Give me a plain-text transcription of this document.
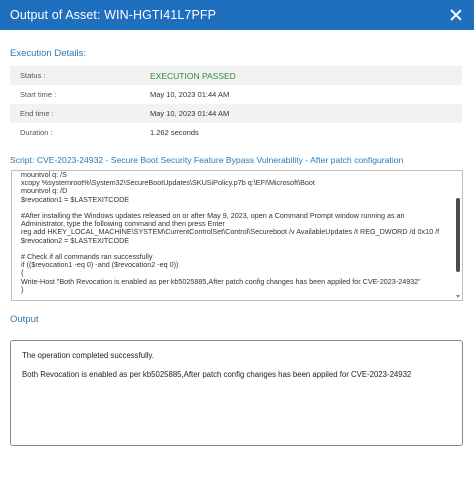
Output of Asset: WIN-HGTI41L7PFP
Execution Details:
Status :	EXECUTION PASSED
Start time :	May 10, 2023 01:44 AM
End time :	May 10, 2023 01:44 AM
Duration :	1.262 seconds
Script: CVE-2023-24932 - Secure Boot Security Feature Bypass Vulnerability - After patch configuration
mountvol q: /S
xcopy %systemroot%\System32\SecureBootUpdates\SKUSiPolicy.p7b q:\EFI\Microsoft\Boot
mountvol q: /D
$revocation1 = $LASTEXITCODE

#After installing the Windows updates released on or after May 9, 2023, open a Command Prompt window running as an Administrator, type the following command and then press Enter
reg add HKEY_LOCAL_MACHINE\SYSTEM\CurrentControlSet\Control\Secureboot /v AvailableUpdates /t REG_DWORD /d 0x10 /f
$revocation2 = $LASTEXITCODE

# Check if all commands ran successfully
if (($revocation1 -eq 0) -and ($revocation2 -eq 0))
{
Write-Host "Both Revocation is enabled as per kb5025885,After patch config changes has been appiled for CVE-2023-24932"
}
Output
The operation completed successfully.
Both Revocation is enabled as per kb5025885,After patch config changes has been appiled for CVE-2023-24932
